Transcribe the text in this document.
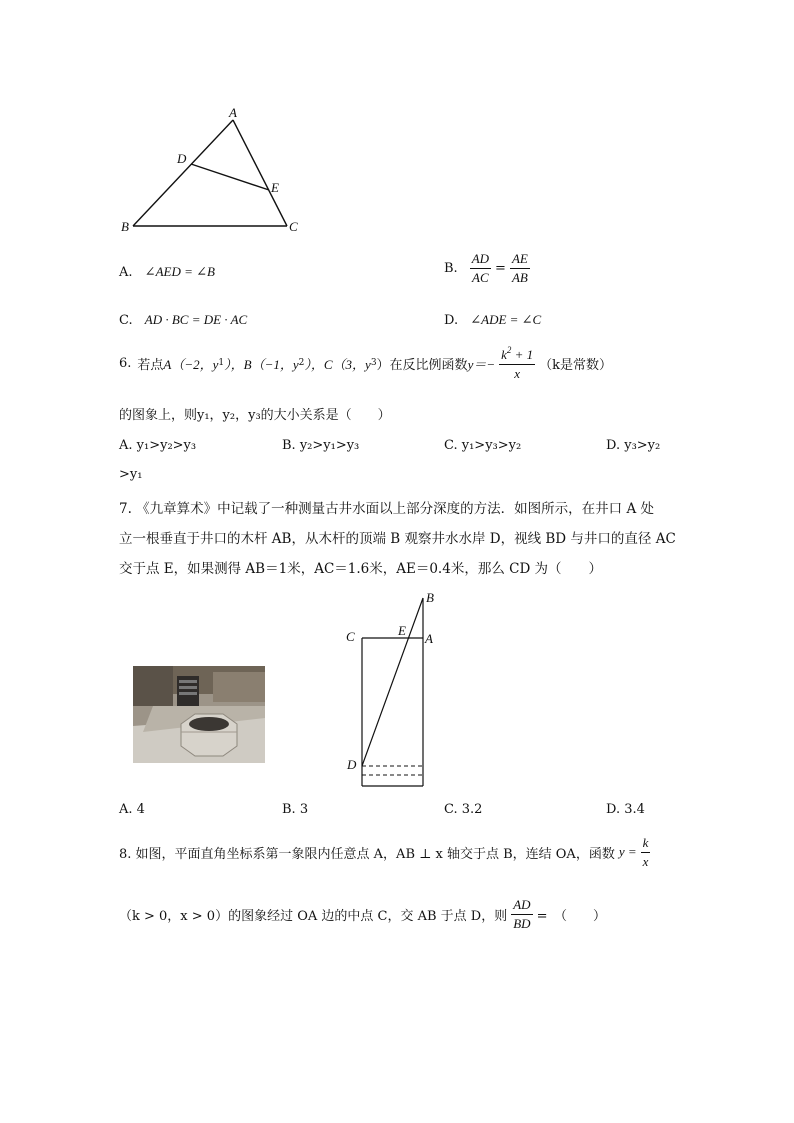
A
D
E
B	C
A. ∠AED = ∠B	B. $\frac{AD}{AC} = \frac{AE}{AB}$
C. AD · BC = DE · AC	D. ∠ADE = ∠C
6. 若点 A（−2，y 1 ），B（−1，y 2 ），C（3，y 3 ）在反比例函数 $y=- \frac{k^2 + 1}{x} (k$是常数）
的图象上，则y₁，y₂，y₃的大小关系是（　　）
A. y₁>y₂>y₃	B. y₂>y₁>y₃	C. y₁>y₃>y₂	D. y₃>y₂
>y₁
7. 《九章算术》中记载了一种测量古井水面以上部分深度的方法．如图所示，在井口 A 处
立一根垂直于井口的木杆 AB，从木杆的顶端 B 观察井水水岸 D，视线 BD 与井口的直径 AC
交于点 E，如果测得 AB＝1米，AC＝1.6米，AE＝0.4米，那么 CD 为（　　）
B
C	E
A
D
A. 4	B. 3	C. 3.2	D. 3.4
8. 如图，平面直角坐标系第一象限内任意点 A，AB ⊥ x 轴交于点 B，连结 OA，函数 $y = \frac{k}{x}$
（k > 0，x > 0）的图象经过 OA 边的中点 C，交 AB 于点 D，则 $\frac{AD}{BD}$ =　（　　）
